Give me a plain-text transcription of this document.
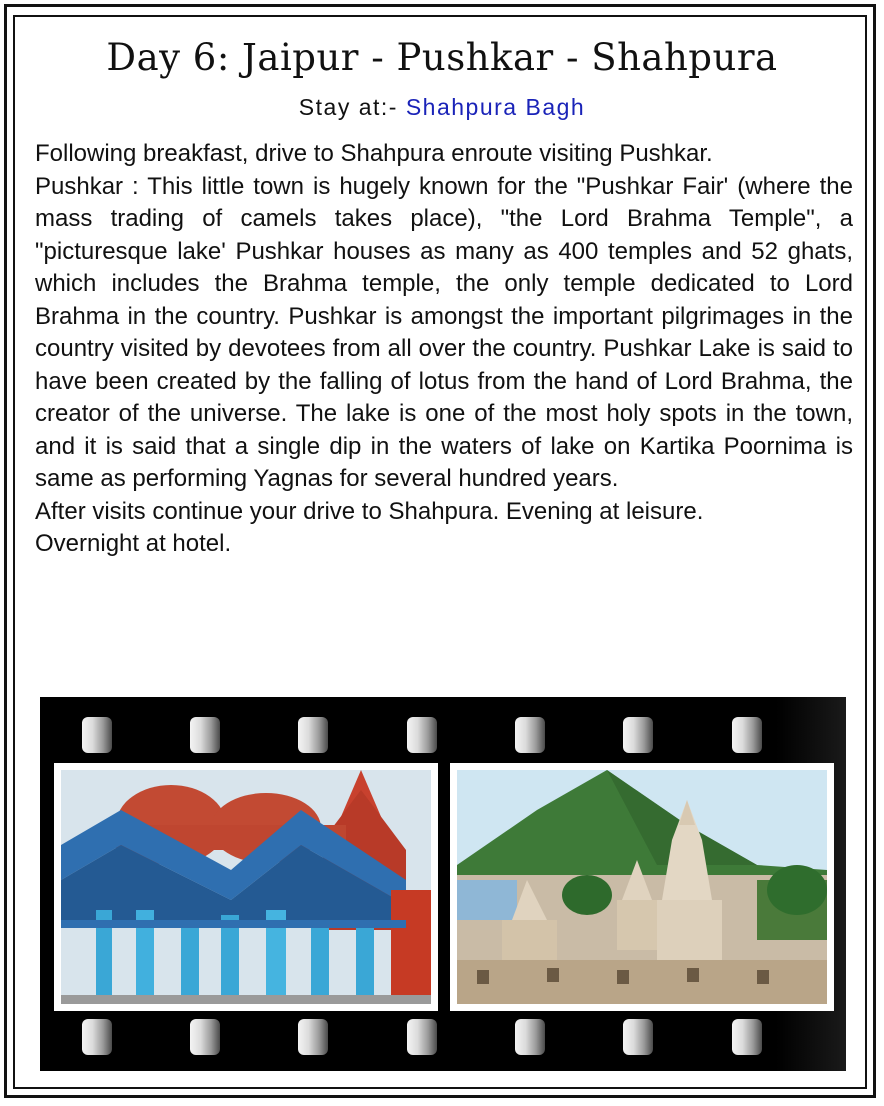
Day 6: Jaipur - Pushkar - Shahpura
Stay at:- Shahpura Bagh

Following breakfast, drive to Shahpura enroute visiting Pushkar.

Pushkar : This little town is hugely known for the "Pushkar Fair' (where the mass trading of camels takes place), "the Lord Brahma Temple", a "picturesque lake' Pushkar houses as many as 400 temples and 52 ghats, which includes the Brahma temple, the only temple dedicated to Lord Brahma in the country. Pushkar is amongst the important pilgrimages in the country visited by devotees from all over the country. Pushkar Lake is said to have been created by the falling of lotus from the hand of Lord Brahma, the creator of the universe. The lake is one of the most holy spots in the town, and it is said that a single dip in the waters of lake on Kartika Poornima is same as performing Yagnas for several hundred years.

After visits continue your drive to Shahpura. Evening at leisure.

Overnight at hotel.
